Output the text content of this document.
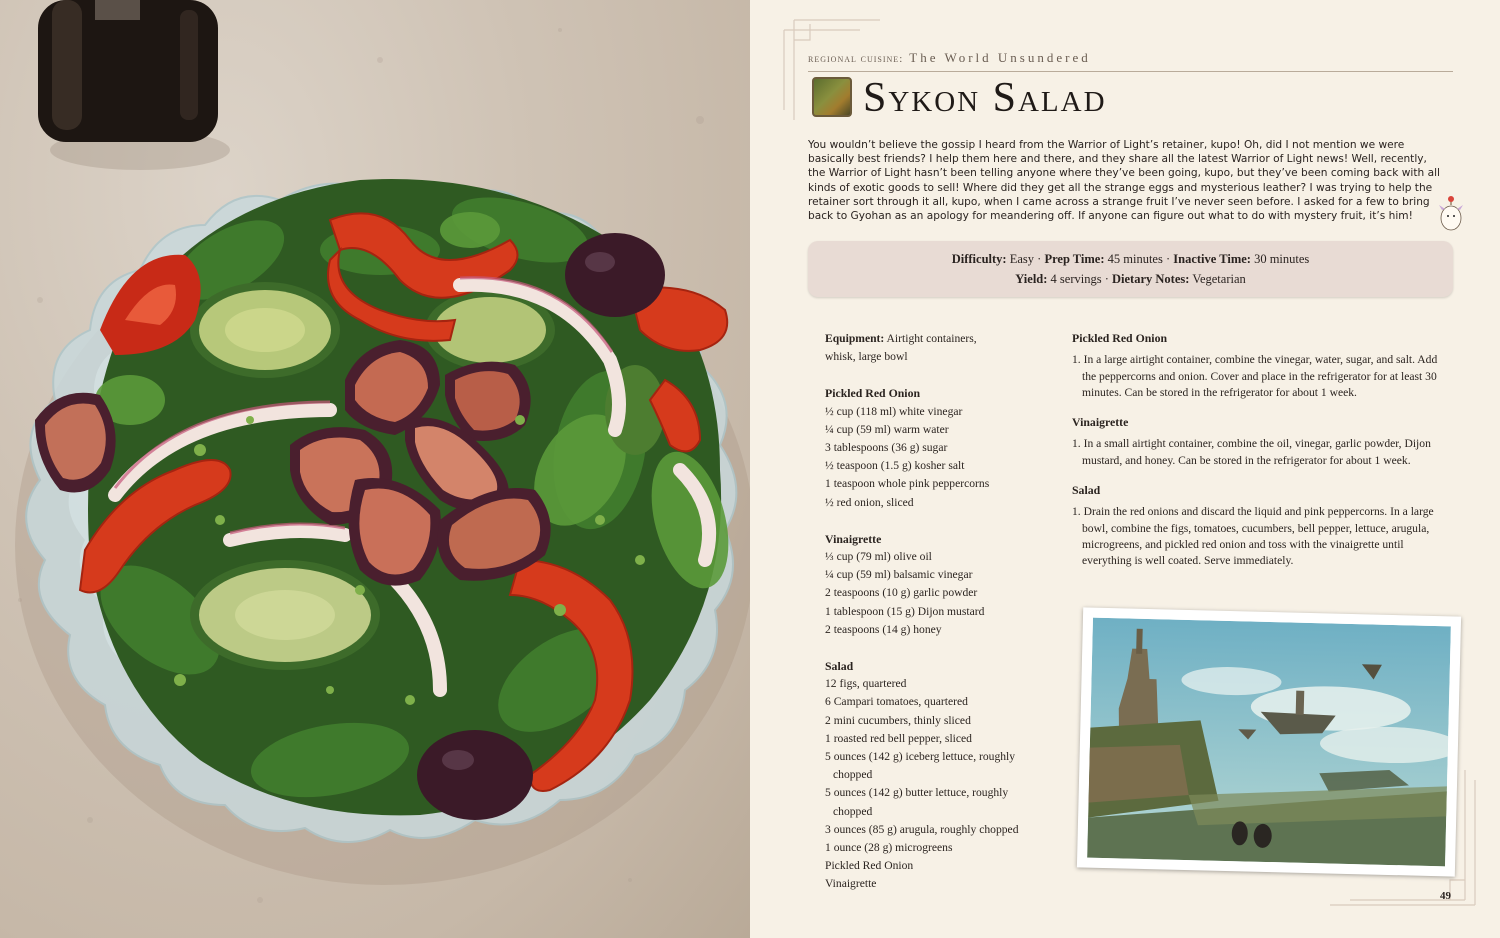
regional cuisine: The World Unsundered
Sykon Salad

You wouldn’t believe the gossip I heard from the Warrior of Light’s retainer, kupo! Oh, did I not mention we were basically best friends? I help them here and there, and they share all the latest Warrior of Light news! Well, recently, the Warrior of Light hasn’t been telling anyone where they’ve been going, kupo, but they’ve been coming back with all kinds of exotic goods to sell! Where did they get all the strange eggs and mysterious leather? I was trying to help the retainer sort through it all, kupo, when I came across a strange fruit I’ve never seen before. I asked for a few to bring back to Gyohan as an apology for meandering off. If anyone can figure out what to do with mystery fruit, it’s him!

Difficulty: Easy · Prep Time: 45 minutes · Inactive Time: 30 minutes
Yield: 4 servings · Dietary Notes: Vegetarian
Equipment: Airtight containers,
whisk, large bowl
Pickled Red Onion
½ cup (118 ml) white vinegar
¼ cup (59 ml) warm water
3 tablespoons (36 g) sugar
½ teaspoon (1.5 g) kosher salt
1 teaspoon whole pink peppercorns
½ red onion, sliced
Vinaigrette
⅓ cup (79 ml) olive oil
¼ cup (59 ml) balsamic vinegar
2 teaspoons (10 g) garlic powder
1 tablespoon (15 g) Dijon mustard
2 teaspoons (14 g) honey
Salad
12 figs, quartered
6 Campari tomatoes, quartered
2 mini cucumbers, thinly sliced
1 roasted red bell pepper, sliced
5 ounces (142 g) iceberg lettuce, roughly chopped
5 ounces (142 g) butter lettuce, roughly chopped
3 ounces (85 g) arugula, roughly chopped
1 ounce (28 g) microgreens
Pickled Red Onion
Vinaigrette
Pickled Red Onion
1. In a large airtight container, combine the vinegar, water, sugar, and salt. Add the peppercorns and onion. Cover and place in the refrigerator for at least 30 minutes. Can be stored in the refrigerator for about 1 week.
Vinaigrette
1. In a small airtight container, combine the oil, vinegar, garlic powder, Dijon mustard, and honey. Can be stored in the refrigerator for about 1 week.
Salad
1. Drain the red onions and discard the liquid and pink peppercorns. In a large bowl, combine the figs, tomatoes, cucumbers, bell pepper, lettuce, arugula, microgreens, and pickled red onion and toss with the vinaigrette until everything is well coated. Serve immediately.
49
